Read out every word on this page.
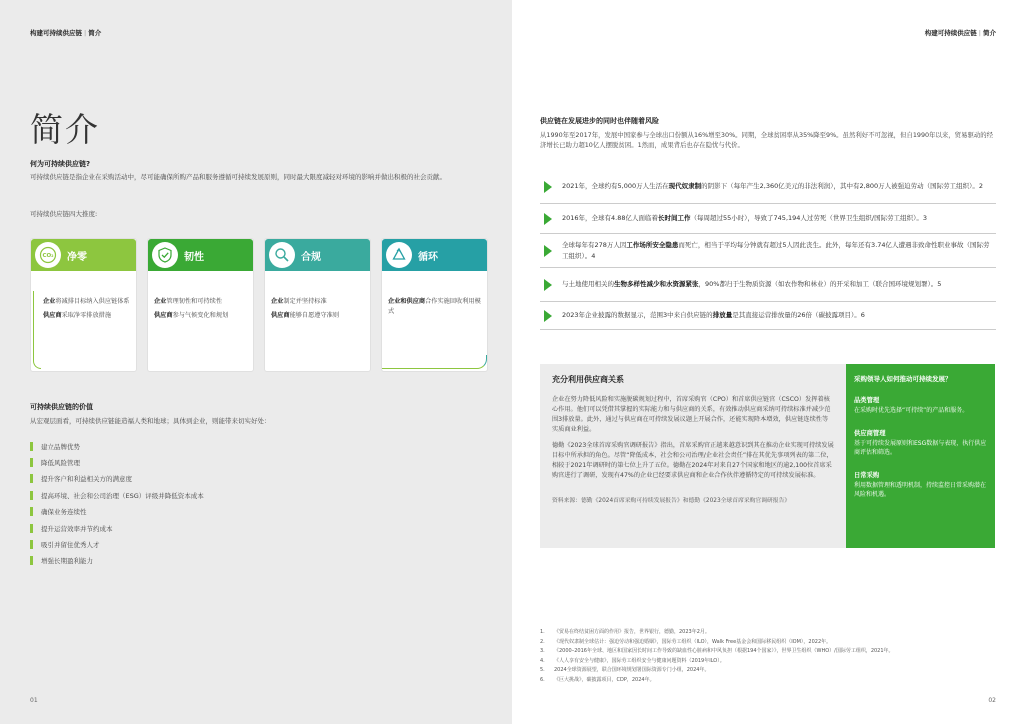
构建可持续供应链 | 简介
简介
何为可持续供应链?
可持续供应链是指企业在采购活动中，尽可能确保所购产品和服务遵循可持续发展原则，同时最大限度减轻对环境的影响并做出积极的社会贡献。
可持续供应链四大推度:
CO₂ 净零

企业将减排目标纳入供应链体系

供应商采取净零排放措施

韧性

企业管理韧性和可持续性

供应商参与气候变化和规划

合规

企业制定并坚持标准

供应商能够自愿遵守准则

循环

企业和供应商合作实施回收利用模式

可持续供应链的价值
从宏观层面看，可持续供应链能造福人类和地球；具体到企业，则能带来切实好处：
建立品牌优势
降低风险管理
提升客户和利益相关方的满意度
提高环境、社会和公司治理（ESG）评级并降低资本成本
确保业务连续性
提升运营效率并节约成本
吸引并留住优秀人才
增强长期盈利能力
01
构建可持续供应链 | 简介
02
供应链在发展进步的同时也伴随着风险
从1990年至2017年，发展中国家参与全球出口份额从16%增至30%。同期，全球贫困率从35%降至9%。虽然利好不可忽视，但自1990年以来，贸易驱动的经济增长已助力超10亿人摆脱贫困。1然而，成果背后也存在隐忧与代价。
2021年，全球约有5,000万人生活在现代奴隶制的阴影下（每年产生2,360亿美元的非法利润），其中有2,800万人被强迫劳动（国际劳工组织）。2
2016年，全球有4.88亿人面临着长时间工作（每周超过55小时），导致了745,194人过劳死（世界卫生组织/国际劳工组织）。3
全球每年有278万人因工作场所安全隐患而死亡，相当于平均每分钟就有超过5人因此丧生。此外，每年还有3.74亿人遭遇非致命性职业事故（国际劳工组织）。4
与土地使用相关的生物多样性减少和水资源紧张，90%都归于生物质资源（如农作物和林业）的开采和加工（联合国环境规划署）。5
2023年企业披露的数据显示，范围3中来自供应链的排放量是其直接运营排放量的26倍（碳披露项目）。6
充分利用供应商关系

企业在努力降低风险和实施脱碳规划过程中，首席采购官（CPO）和首席供应链官（CSCO）发挥着核心作用。他们可以凭借其掌握的实际能力和与供应商的关系，有效推动供应商采纳可持续标准并减少范围3排放量。此外，通过与供应商在可持续发展议题上开展合作，还能实现降本增效，供应链连续性等实质商业利益。

德勤《2023全球首席采购官调研报告》指出，首席采购官正越来越意识到其在推动企业实现可持续发展目标中所承担的角色。尽管“降低成本，社会和公司治理/企业社会责任”排在其优先事项列表的第二位，相较于2021年调研时的第七位上升了五位。德勤在2024年对来自27个国家和地区的逾2,100位首席采购官进行了调研，发现有47%的企业已经要求供应商和企业合作伙伴遵循特定的可持续发展标准。

资料来源：德勤《2024首席采购可持续发展报告》和德勤《2023全球首席采购官调研报告》
采购领导人如何推动可持续发展？
品类管理
在采购时优先选择“可持续”的产品和服务。
供应商管理
基于可持续发展原则和ESG数据与表现，执行供应商评估和筛选。
日常采购
利用数据管理和透明机制，持续监控日常采购潜在风险和机遇。
1.	《贸易在终结贫困方面的作用》报告，世界银行，德勤，2023年2月。
2.	《现代奴隶制全球估计：强迫劳动和强迫婚姻》，国际劳工组织（ILO），Walk Free基金会和国际移民组织（IOM），2022年。
3.	《2000–2016年全球、地区和国家因长时间工作导致的缺血性心脏病和中风负担（根据194个国家）》，世界卫生组织（WHO）/国际劳工组织，2021年。
4.	《人人享有安全与健康》，国际劳工组织安全与健康问题资料（2019年ILO）。
5.	2024全球资源展望，联合国环境规划署国际资源专门小组，2024年。
6.	《巨大挑战》，碳披露项目，CDP，2024年。
